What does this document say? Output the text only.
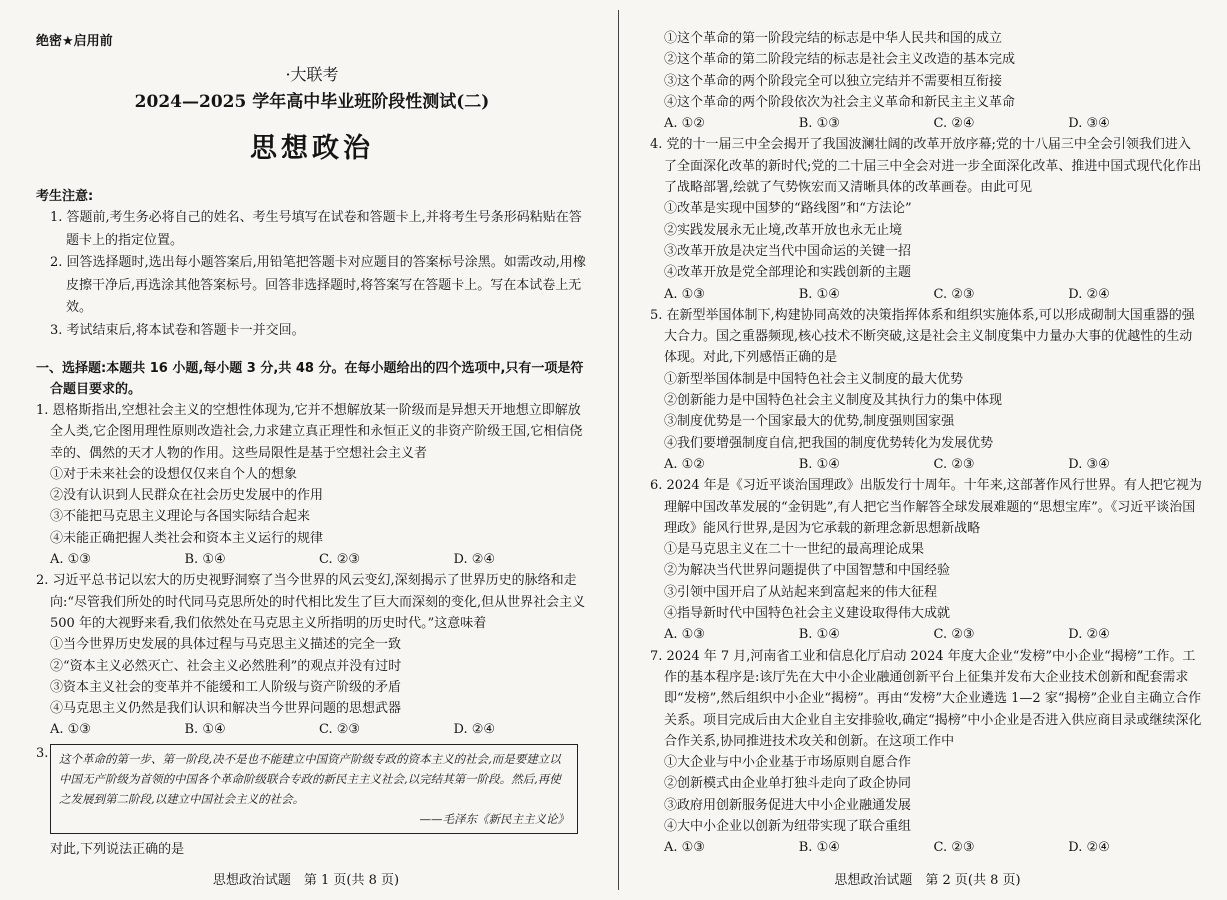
绝密★启用前
·大联考
2024—2025 学年高中毕业班阶段性测试(二)
思想政治
考生注意:
1. 答题前,考生务必将自己的姓名、考生号填写在试卷和答题卡上,并将考生号条形码粘贴在答题卡上的指定位置。
2. 回答选择题时,选出每小题答案后,用铅笔把答题卡对应题目的答案标号涂黑。如需改动,用橡皮擦干净后,再选涂其他答案标号。回答非选择题时,将答案写在答题卡上。写在本试卷上无效。
3. 考试结束后,将本试卷和答题卡一并交回。
一、选择题:本题共 16 小题,每小题 3 分,共 48 分。在每小题给出的四个选项中,只有一项是符合题目要求的。
1. 恩格斯指出,空想社会主义的空想性体现为,它并不想解放某一阶级而是异想天开地想立即解放全人类,它企图用理性原则改造社会,力求建立真正理性和永恒正义的非资产阶级王国,它相信侥幸的、偶然的天才人物的作用。这些局限性是基于空想社会主义者
①对于未来社会的设想仅仅来自个人的想象
②没有认识到人民群众在社会历史发展中的作用
③不能把马克思主义理论与各国实际结合起来
④未能正确把握人类社会和资本主义运行的规律
A. ①③	B. ①④	C. ②③	D. ②④
2. 习近平总书记以宏大的历史视野洞察了当今世界的风云变幻,深刻揭示了世界历史的脉络和走向:“尽管我们所处的时代同马克思所处的时代相比发生了巨大而深刻的变化,但从世界社会主义 500 年的大视野来看,我们依然处在马克思主义所指明的历史时代。”这意味着
①当今世界历史发展的具体过程与马克思主义描述的完全一致
②“资本主义必然灭亡、社会主义必然胜利”的观点并没有过时
③资本主义社会的变革并不能缓和工人阶级与资产阶级的矛盾
④马克思主义仍然是我们认识和解决当今世界问题的思想武器
A. ①③	B. ①④	C. ②③	D. ②④
3. 这个革命的第一步、第一阶段,决不是也不能建立中国资产阶级专政的资本主义的社会,而是要建立以中国无产阶级为首领的中国各个革命阶级联合专政的新民主主义社会,以完结其第一阶段。然后,再使之发展到第二阶段,以建立中国社会主义的社会。
——毛泽东《新民主主义论》
对此,下列说法正确的是
思想政治试题　第 1 页(共 8 页)
①这个革命的第一阶段完结的标志是中华人民共和国的成立
②这个革命的第二阶段完结的标志是社会主义改造的基本完成
③这个革命的两个阶段完全可以独立完结并不需要相互衔接
④这个革命的两个阶段依次为社会主义革命和新民主主义革命
A. ①②	B. ①③	C. ②④	D. ③④
4. 党的十一届三中全会揭开了我国波澜壮阔的改革开放序幕;党的十八届三中全会引领我们进入了全面深化改革的新时代;党的二十届三中全会对进一步全面深化改革、推进中国式现代化作出了战略部署,绘就了气势恢宏而又清晰具体的改革画卷。由此可见
①改革是实现中国梦的“路线图”和“方法论”
②实践发展永无止境,改革开放也永无止境
③改革开放是决定当代中国命运的关键一招
④改革开放是党全部理论和实践创新的主题
A. ①③	B. ①④	C. ②③	D. ②④
5. 在新型举国体制下,构建协同高效的决策指挥体系和组织实施体系,可以形成砌制大国重器的强大合力。国之重器频现,核心技术不断突破,这是社会主义制度集中力量办大事的优越性的生动体现。对此,下列感悟正确的是
①新型举国体制是中国特色社会主义制度的最大优势
②创新能力是中国特色社会主义制度及其执行力的集中体现
③制度优势是一个国家最大的优势,制度强则国家强
④我们要增强制度自信,把我国的制度优势转化为发展优势
A. ①②	B. ①④	C. ②③	D. ③④
6. 2024 年是《习近平谈治国理政》出版发行十周年。十年来,这部著作风行世界。有人把它视为理解中国改革发展的“金钥匙”,有人把它当作解答全球发展难题的“思想宝库”。《习近平谈治国理政》能风行世界,是因为它承载的新理念新思想新战略
①是马克思主义在二十一世纪的最高理论成果
②为解决当代世界问题提供了中国智慧和中国经验
③引领中国开启了从站起来到富起来的伟大征程
④指导新时代中国特色社会主义建设取得伟大成就
A. ①③	B. ①④	C. ②③	D. ②④
7. 2024 年 7 月,河南省工业和信息化厅启动 2024 年度大企业“发榜”中小企业“揭榜”工作。工作的基本程序是:该厅先在大中小企业融通创新平台上征集并发布大企业技术创新和配套需求即“发榜”,然后组织中小企业“揭榜”。再由“发榜”大企业遴选 1—2 家“揭榜”企业自主确立合作关系。项目完成后由大企业自主安排验收,确定“揭榜”中小企业是否进入供应商目录或继续深化合作关系,协同推进技术攻关和创新。在这项工作中
①大企业与中小企业基于市场原则自愿合作
②创新模式由企业单打独斗走向了政企协同
③政府用创新服务促进大中小企业融通发展
④大中小企业以创新为纽带实现了联合重组
A. ①③	B. ①④	C. ②③	D. ②④
思想政治试题　第 2 页(共 8 页)
